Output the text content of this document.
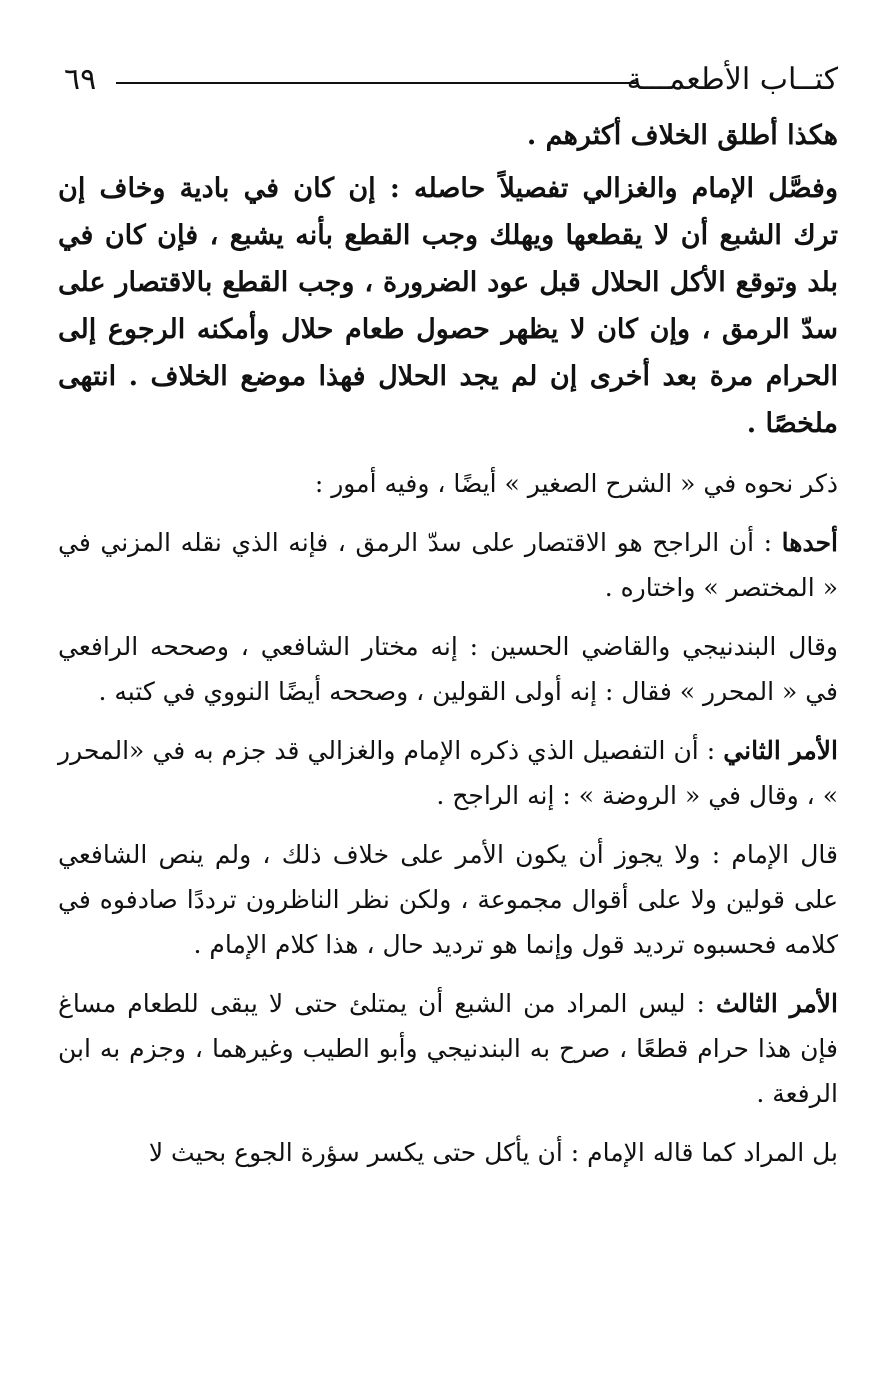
٦٩	كتــاب الأطعمـــة

هكذا أطلق الخلاف أكثرهم .

وفصَّل الإمام والغزالي تفصيلاً حاصله : إن كان في بادية وخاف إن ترك الشبع أن لا يقطعها ويهلك وجب القطع بأنه يشبع ، فإن كان في بلد وتوقع الأكل الحلال قبل عود الضرورة ، وجب القطع بالاقتصار على سدّ الرمق ، وإن كان لا يظهر حصول طعام حلال وأمكنه الرجوع إلى الحرام مرة بعد أخرى إن لم يجد الحلال فهذا موضع الخلاف . انتهى ملخصًا .

ذكر نحوه في « الشرح الصغير » أيضًا ، وفيه أمور :

أحدها : أن الراجح هو الاقتصار على سدّ الرمق ، فإنه الذي نقله المزني في « المختصر » واختاره .

وقال البندنيجي والقاضي الحسين : إنه مختار الشافعي ، وصححه الرافعي في « المحرر » فقال : إنه أولى القولين ، وصححه أيضًا النووي في كتبه .

الأمر الثاني : أن التفصيل الذي ذكره الإمام والغزالي قد جزم به في «المحرر » ، وقال في « الروضة » : إنه الراجح .

قال الإمام : ولا يجوز أن يكون الأمر على خلاف ذلك ، ولم ينص الشافعي على قولين ولا على أقوال مجموعة ، ولكن نظر الناظرون ترددًا صادفوه في كلامه فحسبوه ترديد قول وإنما هو ترديد حال ، هذا كلام الإمام .

الأمر الثالث : ليس المراد من الشبع أن يمتلئ حتى لا يبقى للطعام مساغ فإن هذا حرام قطعًا ، صرح به البندنيجي وأبو الطيب وغيرهما ، وجزم به ابن الرفعة .

بل المراد كما قاله الإمام : أن يأكل حتى يكسر سؤرة الجوع بحيث لا
